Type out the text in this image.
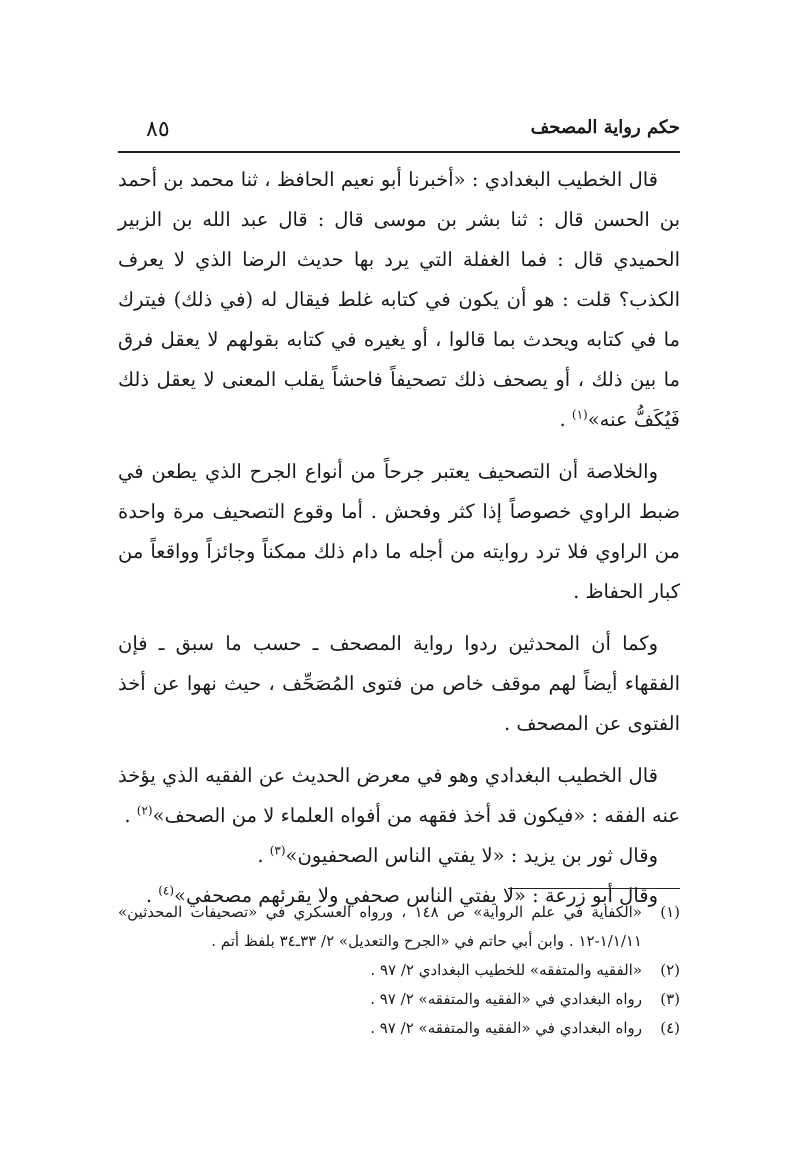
حكم رواية المصحف
٨٥

قال الخطيب البغدادي : «أخبرنا أبو نعيم الحافظ ، ثنا محمد بن أحمد بن الحسن قال : ثنا بشر بن موسى قال : قال عبد الله بن الزبير الحميدي قال : فما الغفلة التي يرد بها حديث الرضا الذي لا يعرف الكذب؟ قلت : هو أن يكون في كتابه غلط فيقال له (في ذلك) فيترك ما في كتابه ويحدث بما قالوا ، أو يغيره في كتابه بقولهم لا يعقل فرق ما بين ذلك ، أو يصحف ذلك تصحيفاً فاحشاً يقلب المعنى لا يعقل ذلك فَيُكَفُّ عنه»$^{(١)}$ .

والخلاصة أن التصحيف يعتبر جرحاً من أنواع الجرح الذي يطعن في ضبط الراوي خصوصاً إذا كثر وفحش . أما وقوع التصحيف مرة واحدة من الراوي فلا ترد روايته من أجله ما دام ذلك ممكناً وجائزاً وواقعاً من كبار الحفاظ .

وكما أن المحدثين ردوا رواية المصحف ـ حسب ما سبق ـ فإن الفقهاء أيضاً لهم موقف خاص من فتوى المُصَحِّف ، حيث نهوا عن أخذ الفتوى عن المصحف .

قال الخطيب البغدادي وهو في معرض الحديث عن الفقيه الذي يؤخذ عنه الفقه : «فيكون قد أخذ فقهه من أفواه العلماء لا من الصحف»$^{(٢)}$ .

وقال ثور بن يزيد : «لا يفتي الناس الصحفيون»$^{(٣)}$ .

وقال أبو زرعة : «لا يفتي الناس صحفي ولا يقرئهم مصحفي»$^{(٤)}$ .

(١)
«الكفاية في علم الرواية» ص ١٤٨ ، ورواه العسكري في «تصحيفات المحدثين» ١/١/١١-١٢ . وابن أبي حاتم في «الجرح والتعديل» ٢/ ٣٣ـ٣٤ بلفظ أتم .
(٢)
«الفقيه والمتفقه» للخطيب البغدادي ٢/ ٩٧ .
(٣)
رواه البغدادي في «الفقيه والمتفقه» ٢/ ٩٧ .
(٤)
رواه البغدادي في «الفقيه والمتفقه» ٢/ ٩٧ .
